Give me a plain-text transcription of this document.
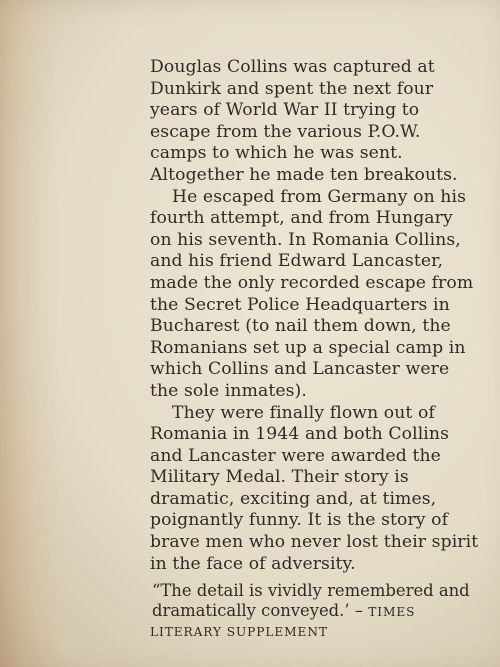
Douglas Collins was captured at
Dunkirk and spent the next four
years of World War II trying to
escape from the various P.O.W.
camps to which he was sent.
Altogether he made ten breakouts.
He escaped from Germany on his
fourth attempt, and from Hungary
on his seventh. In Romania Collins,
and his friend Edward Lancaster,
made the only recorded escape from
the Secret Police Headquarters in
Bucharest (to nail them down, the
Romanians set up a special camp in
which Collins and Lancaster were
the sole inmates).
They were finally flown out of
Romania in 1944 and both Collins
and Lancaster were awarded the
Military Medal. Their story is
dramatic, exciting and, at times,
poignantly funny. It is the story of
brave men who never lost their spirit
in the face of adversity.
“The detail is vividly remembered and
dramatically conveyed.’ – TIMES
LITERARY SUPPLEMENT
